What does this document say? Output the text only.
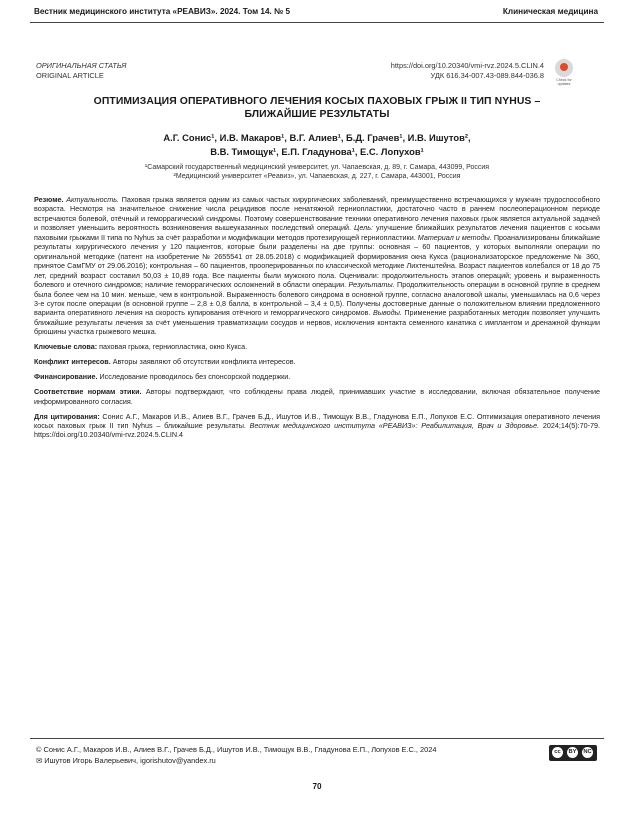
Вестник медицинского института «РЕАВИЗ». 2024. Том 14. № 5	Клиническая медицина
ОРИГИНАЛЬНАЯ СТАТЬЯ
ORIGINAL ARTICLE
https://doi.org/10.20340/vmi-rvz.2024.5.CLIN.4
УДК 616.34-007.43-089.844-036.8	Check for updates
ОПТИМИЗАЦИЯ ОПЕРАТИВНОГО ЛЕЧЕНИЯ КОСЫХ ПАХОВЫХ ГРЫЖ II ТИП NYHUS –
БЛИЖАЙШИЕ РЕЗУЛЬТАТЫ
А.Г. Сонис¹, И.В. Макаров¹, В.Г. Алиев¹, Б.Д. Грачев¹, И.В. Ишутов²,
В.В. Тимощук¹, Е.П. Гладунова¹, Е.С. Лопухов¹
¹Самарский государственный медицинский университет, ул. Чапаевская, д. 89, г. Самара, 443099, Россия
²Медицинский университет «Реавиз», ул. Чапаевская, д. 227, г. Самара, 443001, Россия

Резюме. Актуальность. Паховая грыжа является одним из самых частых хирургических заболеваний, преимущественно встречающихся у мужчин трудоспособного возраста. Несмотря на значительное снижение числа рецидивов после ненатяжной герниопластики, достаточно часто в раннем послеоперационном периоде встречаются болевой, отёчный и геморрагический синдромы. Поэтому совершенствование техники оперативного лечения паховых грыж является актуальной задачей и позволяет уменьшить вероятность возникновения вышеуказанных последствий операций. Цель: улучшение ближайших результатов лечения пациентов с косыми паховыми грыжами II типа по Nyhus за счёт разработки и модификации методов протезирующей герниопластики. Материал и методы. Проанализированы ближайшие результаты хирургического лечения у 120 пациентов, которые были разделены на две группы: основная – 60 пациентов, у которых выполняли операции по оригинальной методике (патент на изобретение № 2655541 от 28.05.2018) с модификацией формирования окна Кукса (рационализаторское предложение № 360, принятое СамГМУ от 29.06.2016); контрольная – 60 пациентов, прооперированных по классической методике Лихтенштейна. Возраст пациентов колебался от 18 до 75 лет, средний возраст составил 50,03 ± 10,89 года. Все пациенты были мужского пола. Оценивали: продолжительность этапов операций; уровень и выраженность болевого и отечного синдромов; наличие геморрагических осложнений в области операции. Результаты. Продолжительность операции в основной группе в среднем была более чем на 10 мин. меньше, чем в контрольной. Выраженность болевого синдрома в основной группе, согласно аналоговой шкалы, уменьшилась на 0,6 через 3-е суток после операции (в основной группе – 2,8 ± 0,8 балла, в контрольной – 3,4 ± 0,5). Получены достоверные данные о положительном влиянии предложенного варианта оперативного лечения на скорость купирования отёчного и геморрагического синдромов. Выводы. Применение разработанных методик позволяет улучшить ближайшие результаты лечения за счёт уменьшения травматизации сосудов и нервов, исключения контакта семенного канатика с имплантом и дренажной функции брюшины участка грыжевого мешка.

Ключевые слова: паховая грыжа, герниопластика, окно Кукса.

Конфликт интересов. Авторы заявляют об отсутствии конфликта интересов.

Финансирование. Исследование проводилось без спонсорской поддержки.

Соответствие нормам этики. Авторы подтверждают, что соблюдены права людей, принимавших участие в исследовании, включая обязательное получение информированного согласия.

Для цитирования: Сонис А.Г., Макаров И.В., Алиев В.Г., Грачев Б.Д., Ишутов И.В., Тимощук В.В., Гладунова Е.П., Лопухов Е.С. Оптимизация оперативного лечения косых паховых грыж II тип Nyhus – ближайшие результаты. Вестник медицинского института «РЕАВИЗ»: Реабилитация, Врач и Здоровье. 2024;14(5):70-79. https://doi.org/10.20340/vmi-rvz.2024.5.CLIN.4

© Сонис А.Г., Макаров И.В., Алиев В.Г., Грачев Б.Д., Ишутов И.В., Тимощук В.В., Гладунова Е.П., Лопухов Е.С., 2024
✉ Ишутов Игорь Валерьевич, igorishutov@yandex.ru
cc	BY NC
70
